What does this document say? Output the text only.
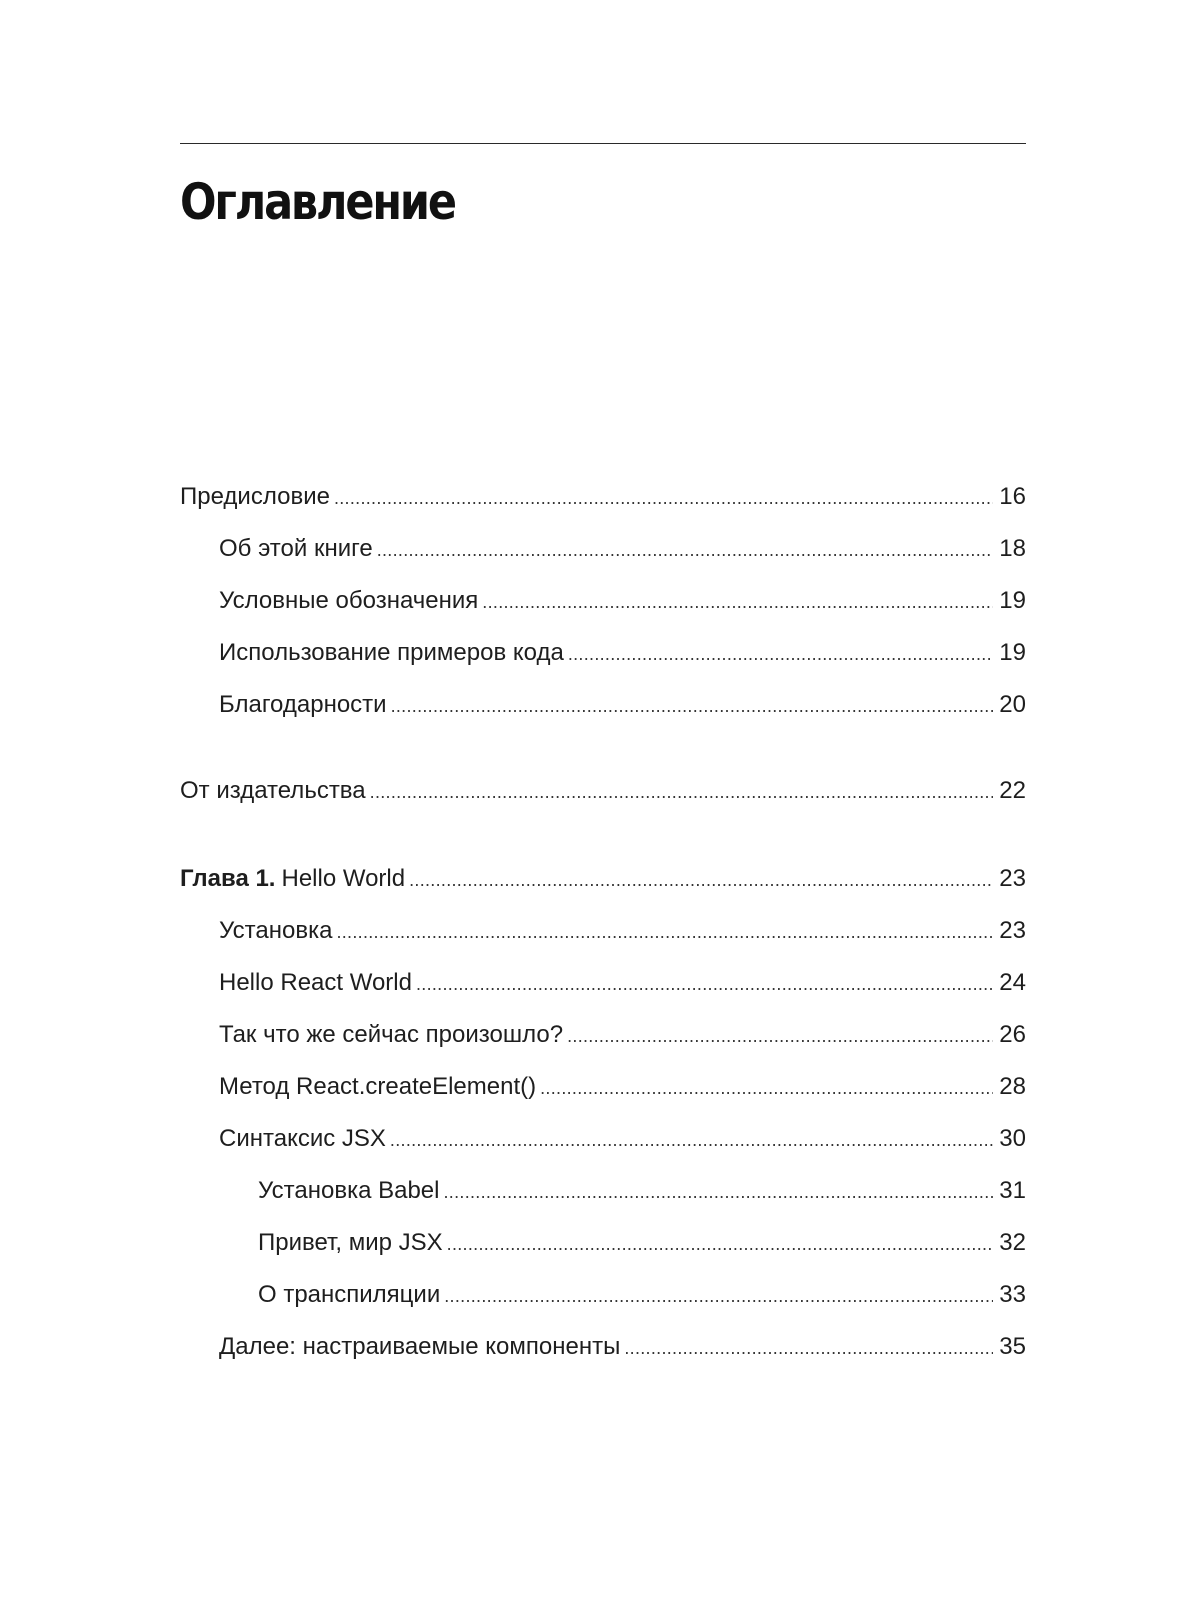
Оглавление
Предисловие .....	16
Об этой книге .....	18
Условные обозначения .....	19
Использование примеров кода .....	19
Благодарности .....	20
От издательства .....	22
Глава 1. Hello World .....	23
Установка .....	23
Hello React World .....	24
Так что же сейчас произошло? .....	26
Метод React.createElement() .....	28
Синтаксис JSX .....	30
Установка Babel .....	31
Привет, мир JSX .....	32
О транспиляции .....	33
Далее: настраиваемые компоненты .....	35
